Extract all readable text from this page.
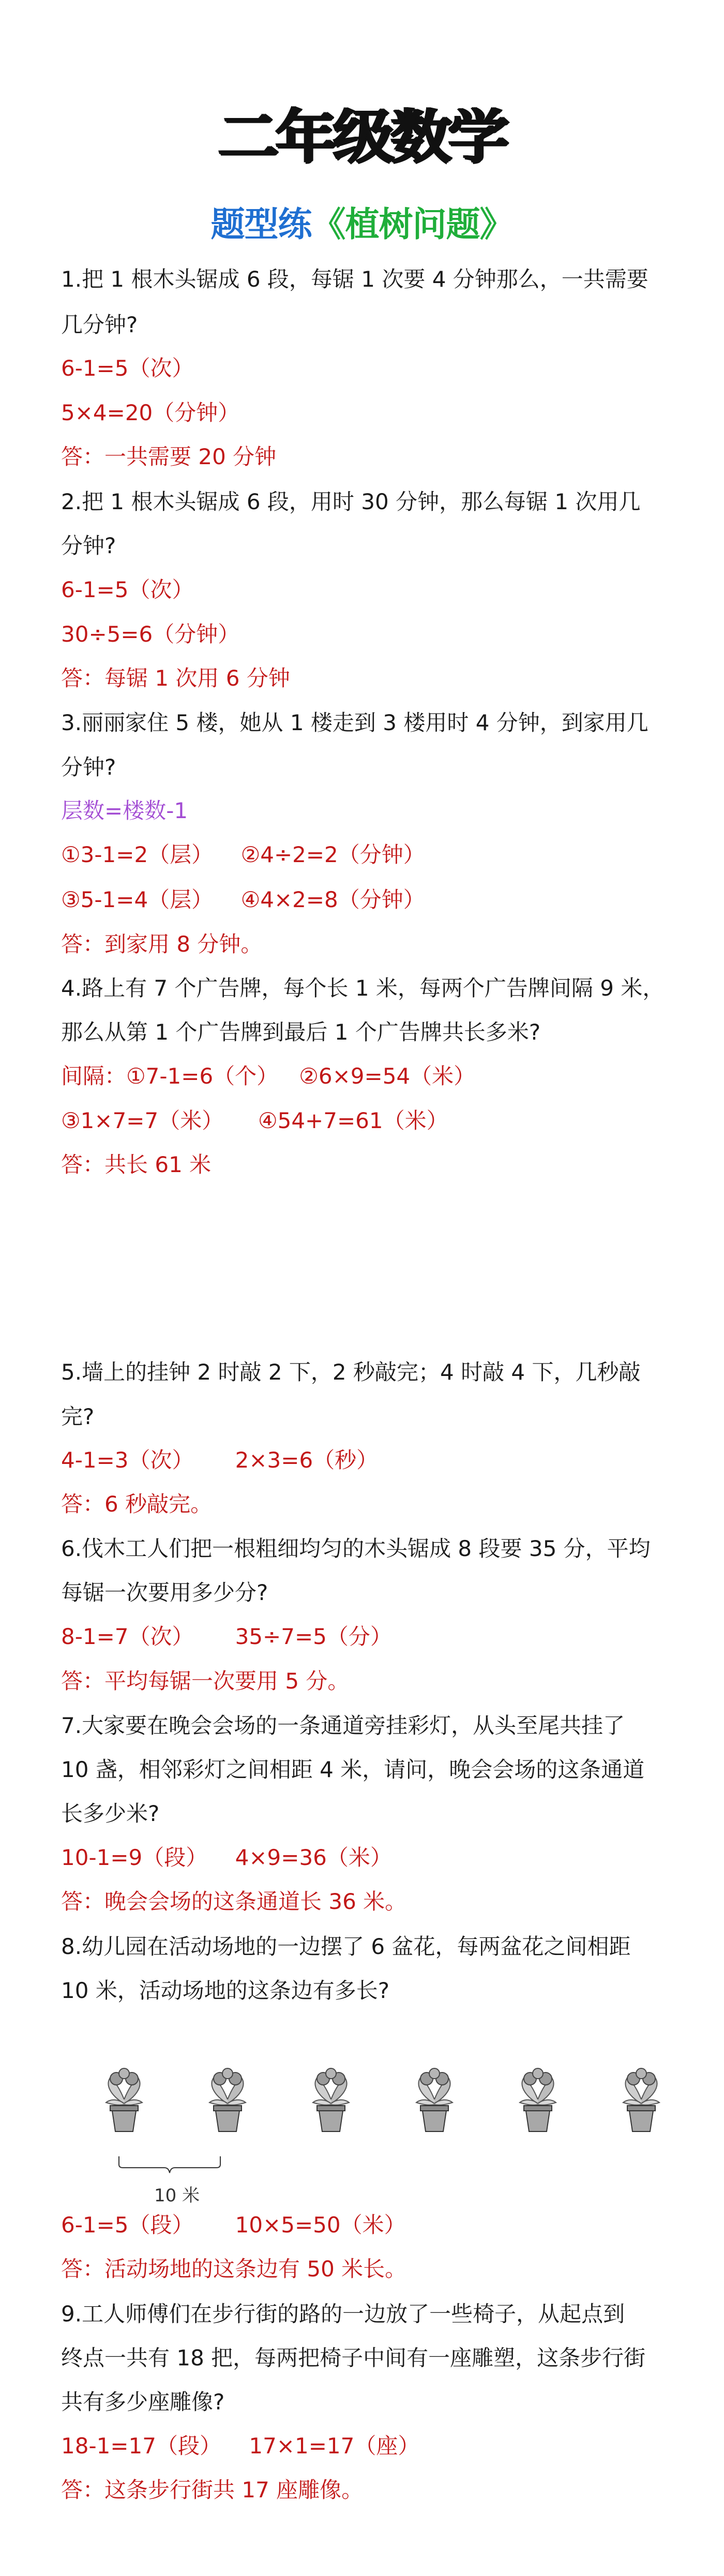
二年级数学
题型练《植树问题》
1.把 1 根木头锯成 6 段，每锯 1 次要 4 分钟那么，一共需要
几分钟?
6-1=5（次）
5×4=20（分钟）
答：一共需要 20 分钟
2.把 1 根木头锯成 6 段，用时 30 分钟，那么每锯 1 次用几
分钟?
6-1=5（次）
30÷5=6（分钟）
答：每锯 1 次用 6 分钟
3.丽丽家住 5 楼，她从 1 楼走到 3 楼用时 4 分钟，到家用几
分钟?
层数=楼数-1
①3-1=2（层）    ②4÷2=2（分钟）
③5-1=4（层）    ④4×2=8（分钟）
答：到家用 8 分钟。
4.路上有 7 个广告牌，每个长 1 米，每两个广告牌间隔 9 米，
那么从第 1 个广告牌到最后 1 个广告牌共长多米?
间隔：①7-1=6（个）   ②6×9=54（米）
③1×7=7（米）     ④54+7=61（米）
答：共长 61 米
5.墙上的挂钟 2 时敲 2 下，2 秒敲完；4 时敲 4 下，几秒敲
完?
4-1=3（次）      2×3=6（秒）
答：6 秒敲完。
6.伐木工人们把一根粗细均匀的木头锯成 8 段要 35 分，平均
每锯一次要用多少分?
8-1=7（次）      35÷7=5（分）
答：平均每锯一次要用 5 分。
7.大家要在晚会会场的一条通道旁挂彩灯，从头至尾共挂了
10 盏，相邻彩灯之间相距 4 米，请问，晚会会场的这条通道
长多少米?
10-1=9（段）    4×9=36（米）
答：晚会会场的这条通道长 36 米。
8.幼儿园在活动场地的一边摆了 6 盆花，每两盆花之间相距
10 米，活动场地的这条边有多长?
10 米
6-1=5（段）      10×5=50（米）
答：活动场地的这条边有 50 米长。
9.工人师傅们在步行街的路的一边放了一些椅子，从起点到
终点一共有 18 把，每两把椅子中间有一座雕塑，这条步行街
共有多少座雕像?
18-1=17（段）    17×1=17（座）
答：这条步行街共 17 座雕像。
